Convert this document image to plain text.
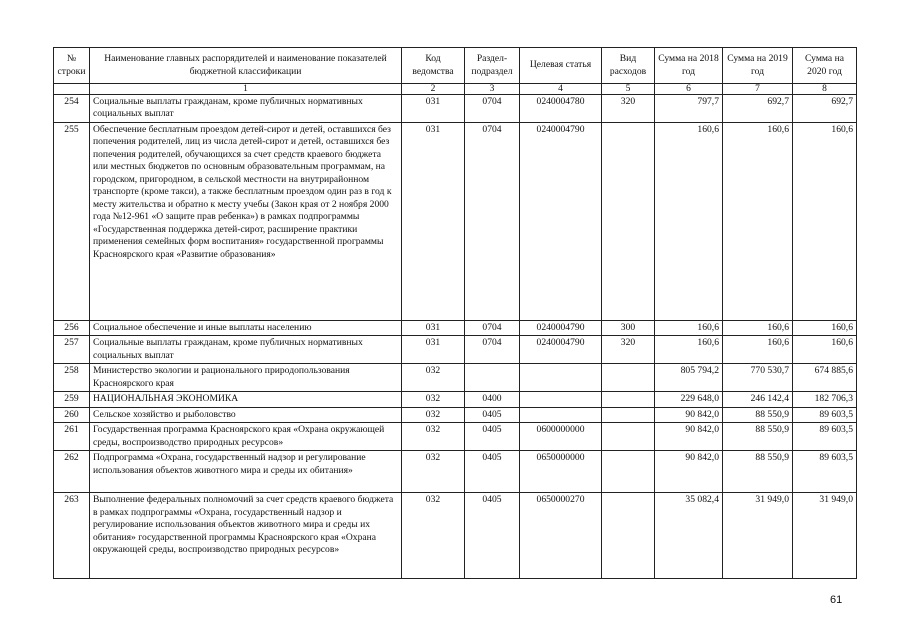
№ строки	Наименование главных распорядителей и наименование показателей бюджетной классификации	Код ведомства	Раздел-подраздел	Целевая статья	Вид расходов	Сумма на 2018 год	Сумма на 2019 год	Сумма на 2020 год
	1	2	3	4	5	6	7	8
254	Социальные выплаты гражданам, кроме публичных нормативных социальных выплат	031	0704	0240004780	320	797,7	692,7	692,7
255	Обеспечение бесплатным проездом детей-сирот и детей, оставшихся без попечения родителей, лиц из числа детей-сирот и детей, оставшихся без попечения родителей, обучающихся за счет средств краевого бюджета или местных бюджетов по основным образовательным программам, на городском, пригородном, в сельской местности на внутрирайонном транспорте (кроме такси), а также бесплатным проездом один раз в год к месту жительства и обратно к месту учебы (Закон края от 2 ноября 2000 года №12-961 «О защите прав ребенка») в рамках подпрограммы «Государственная поддержка детей-сирот, расширение практики применения семейных форм воспитания» государственной программы Красноярского края «Развитие образования»	031	0704	0240004790		160,6	160,6	160,6
256	Социальное обеспечение и иные выплаты населению	031	0704	0240004790	300	160,6	160,6	160,6
257	Социальные выплаты гражданам, кроме публичных нормативных социальных выплат	031	0704	0240004790	320	160,6	160,6	160,6
258	Министерство экологии и рационального природопользования Красноярского края	032				805 794,2	770 530,7	674 885,6
259	НАЦИОНАЛЬНАЯ ЭКОНОМИКА	032	0400			229 648,0	246 142,4	182 706,3
260	Сельское хозяйство и рыболовство	032	0405			90 842,0	88 550,9	89 603,5
261	Государственная программа Красноярского края «Охрана окружающей среды, воспроизводство природных ресурсов»	032	0405	0600000000		90 842,0	88 550,9	89 603,5
262	Подпрограмма «Охрана, государственный надзор и регулирование использования объектов животного мира и среды их обитания»	032	0405	0650000000		90 842,0	88 550,9	89 603,5
263	Выполнение федеральных полномочий за счет средств краевого бюджета в рамках подпрограммы «Охрана, государственный надзор и регулирование использования объектов животного мира и среды их обитания» государственной программы Красноярского края «Охрана окружающей среды, воспроизводство природных ресурсов»	032	0405	0650000270		35 082,4	31 949,0	31 949,0
61
